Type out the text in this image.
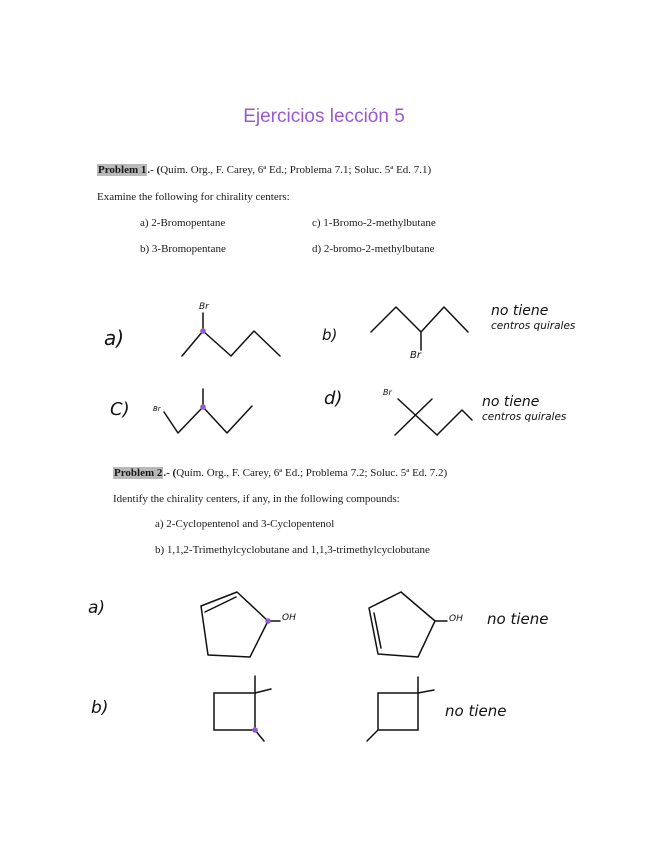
Ejercicios lección 5
Problem 1.- (Quím. Org., F. Carey, 6ª Ed.; Problema 7.1; Soluc. 5ª Ed. 7.1)
Examine the following for chirality centers:
a) 2-Bromopentane	c) 1-Bromo-2-methylbutane
b) 3-Bromopentane	d) 2-bromo-2-methylbutane
a)	b)
C)
d)
no tiene
centros quirales
no tiene
centros quirales
Br
Br
Br
Br
Problem 2.- (Quím. Org., F. Carey, 6ª Ed.; Problema 7.2; Soluc. 5ª Ed. 7.2)
Identify the chirality centers, if any, in the following compounds:
a) 2-Cyclopentenol and 3-Cyclopentenol
b) 1,1,2-Trimethylcyclobutane and 1,1,3-trimethylcyclobutane
a)
b)
OH	OH no tiene
no tiene
